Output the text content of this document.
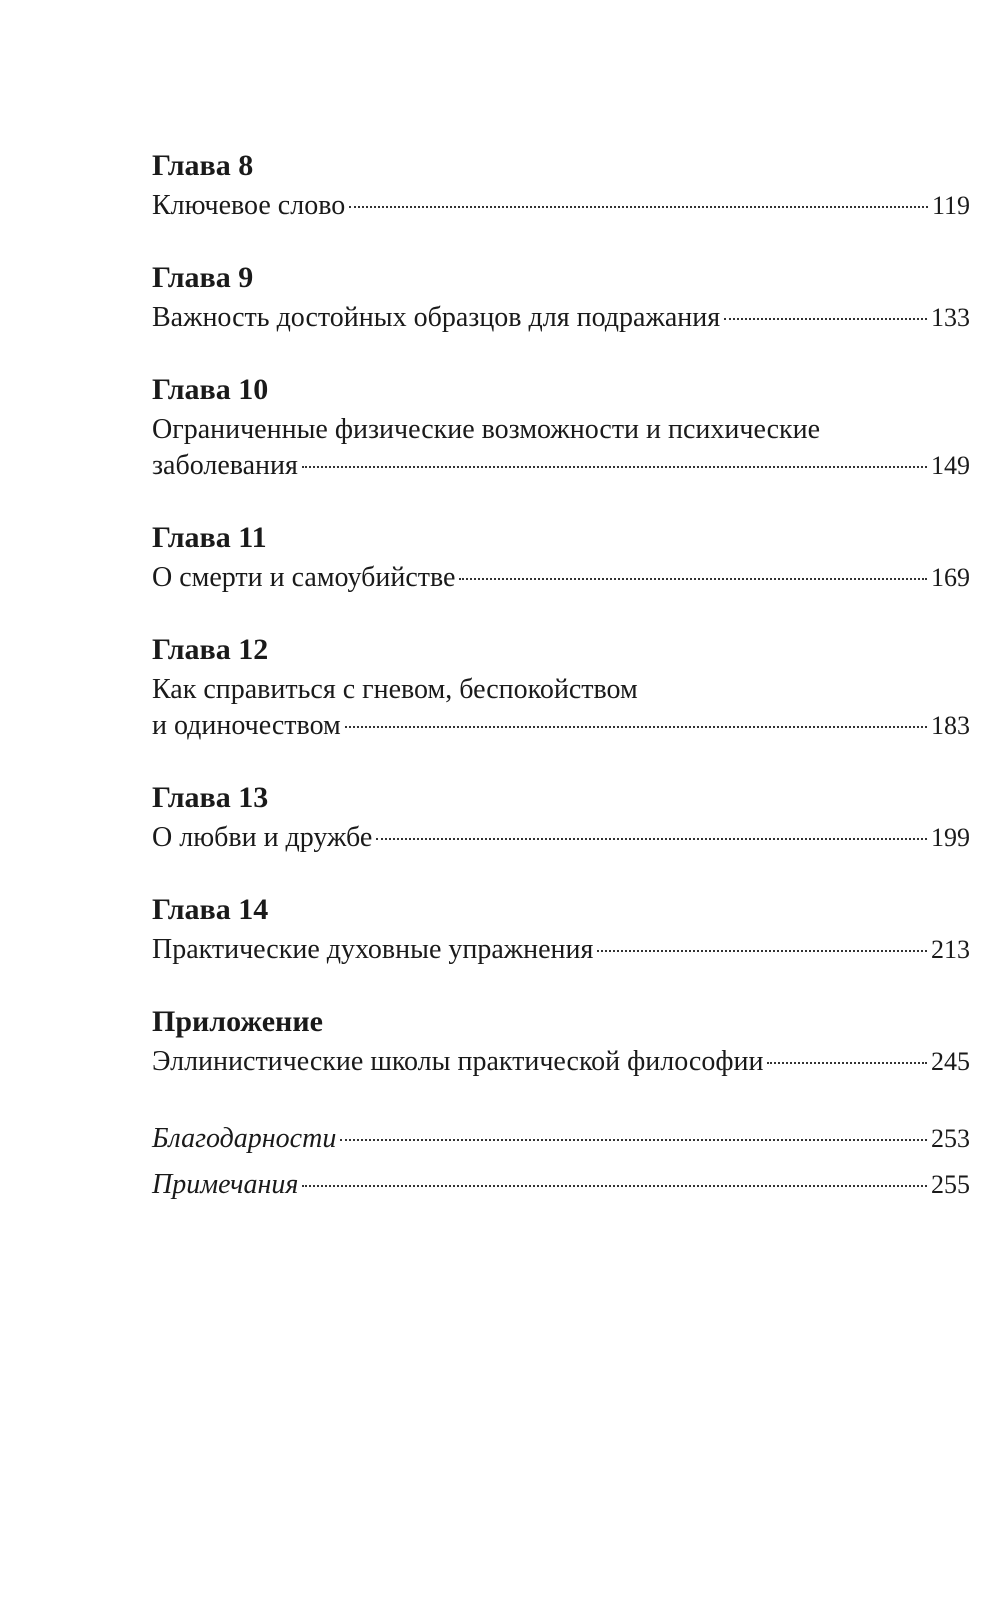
Глава 8
Ключевое слово	119
Глава 9
Важность достойных образцов для подражания	133
Глава 10
Ограниченные физические возможности и психические
заболевания	149
Глава 11
О смерти и самоубийстве	169
Глава 12
Как справиться с гневом, беспокойством
и одиночеством	183
Глава 13
О любви и дружбе	199
Глава 14
Практические духовные упражнения	213
Приложение
Эллинистические школы практической философии	245
Благодарности	253
Примечания	255
